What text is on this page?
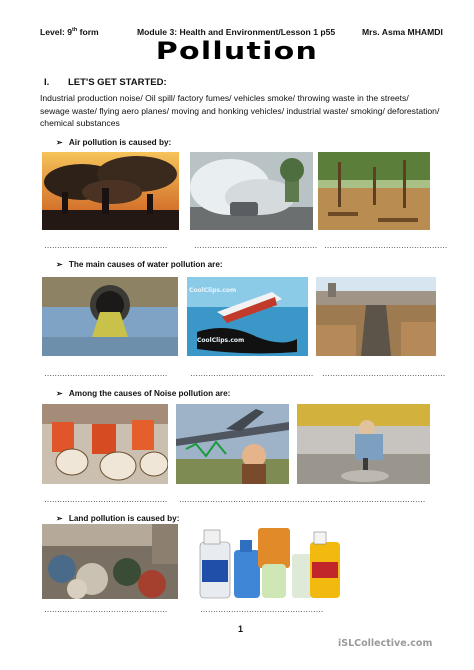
Level: 9th form	Module 3: Health and Environment/Lesson 1 p55	Mrs. Asma MHAMDI
Pollution
I. LET'S GET STARTED:
Industrial production noise/ Oil spill/ factory fumes/ vehicles smoke/ throwing waste in the streets/ sewage waste/ flying aero planes/ moving and honking vehicles/ industrial waste/ smoking/ deforestation/ chemical substances
➢ Air pollution is caused by:
…………………………………………	………………………………………… …………………………………………
➢ The main causes of water pollution are:
CoolClips.com
CoolClips.com
…………………………………………	………………………………………… …………………………………………
➢ Among the causes of Noise pollution are:
………………………………………… ………………………………………… …………………………………………
➢ Land pollution is caused by:
…………………………………………	…………………………………………
1
iSLCollective.com
